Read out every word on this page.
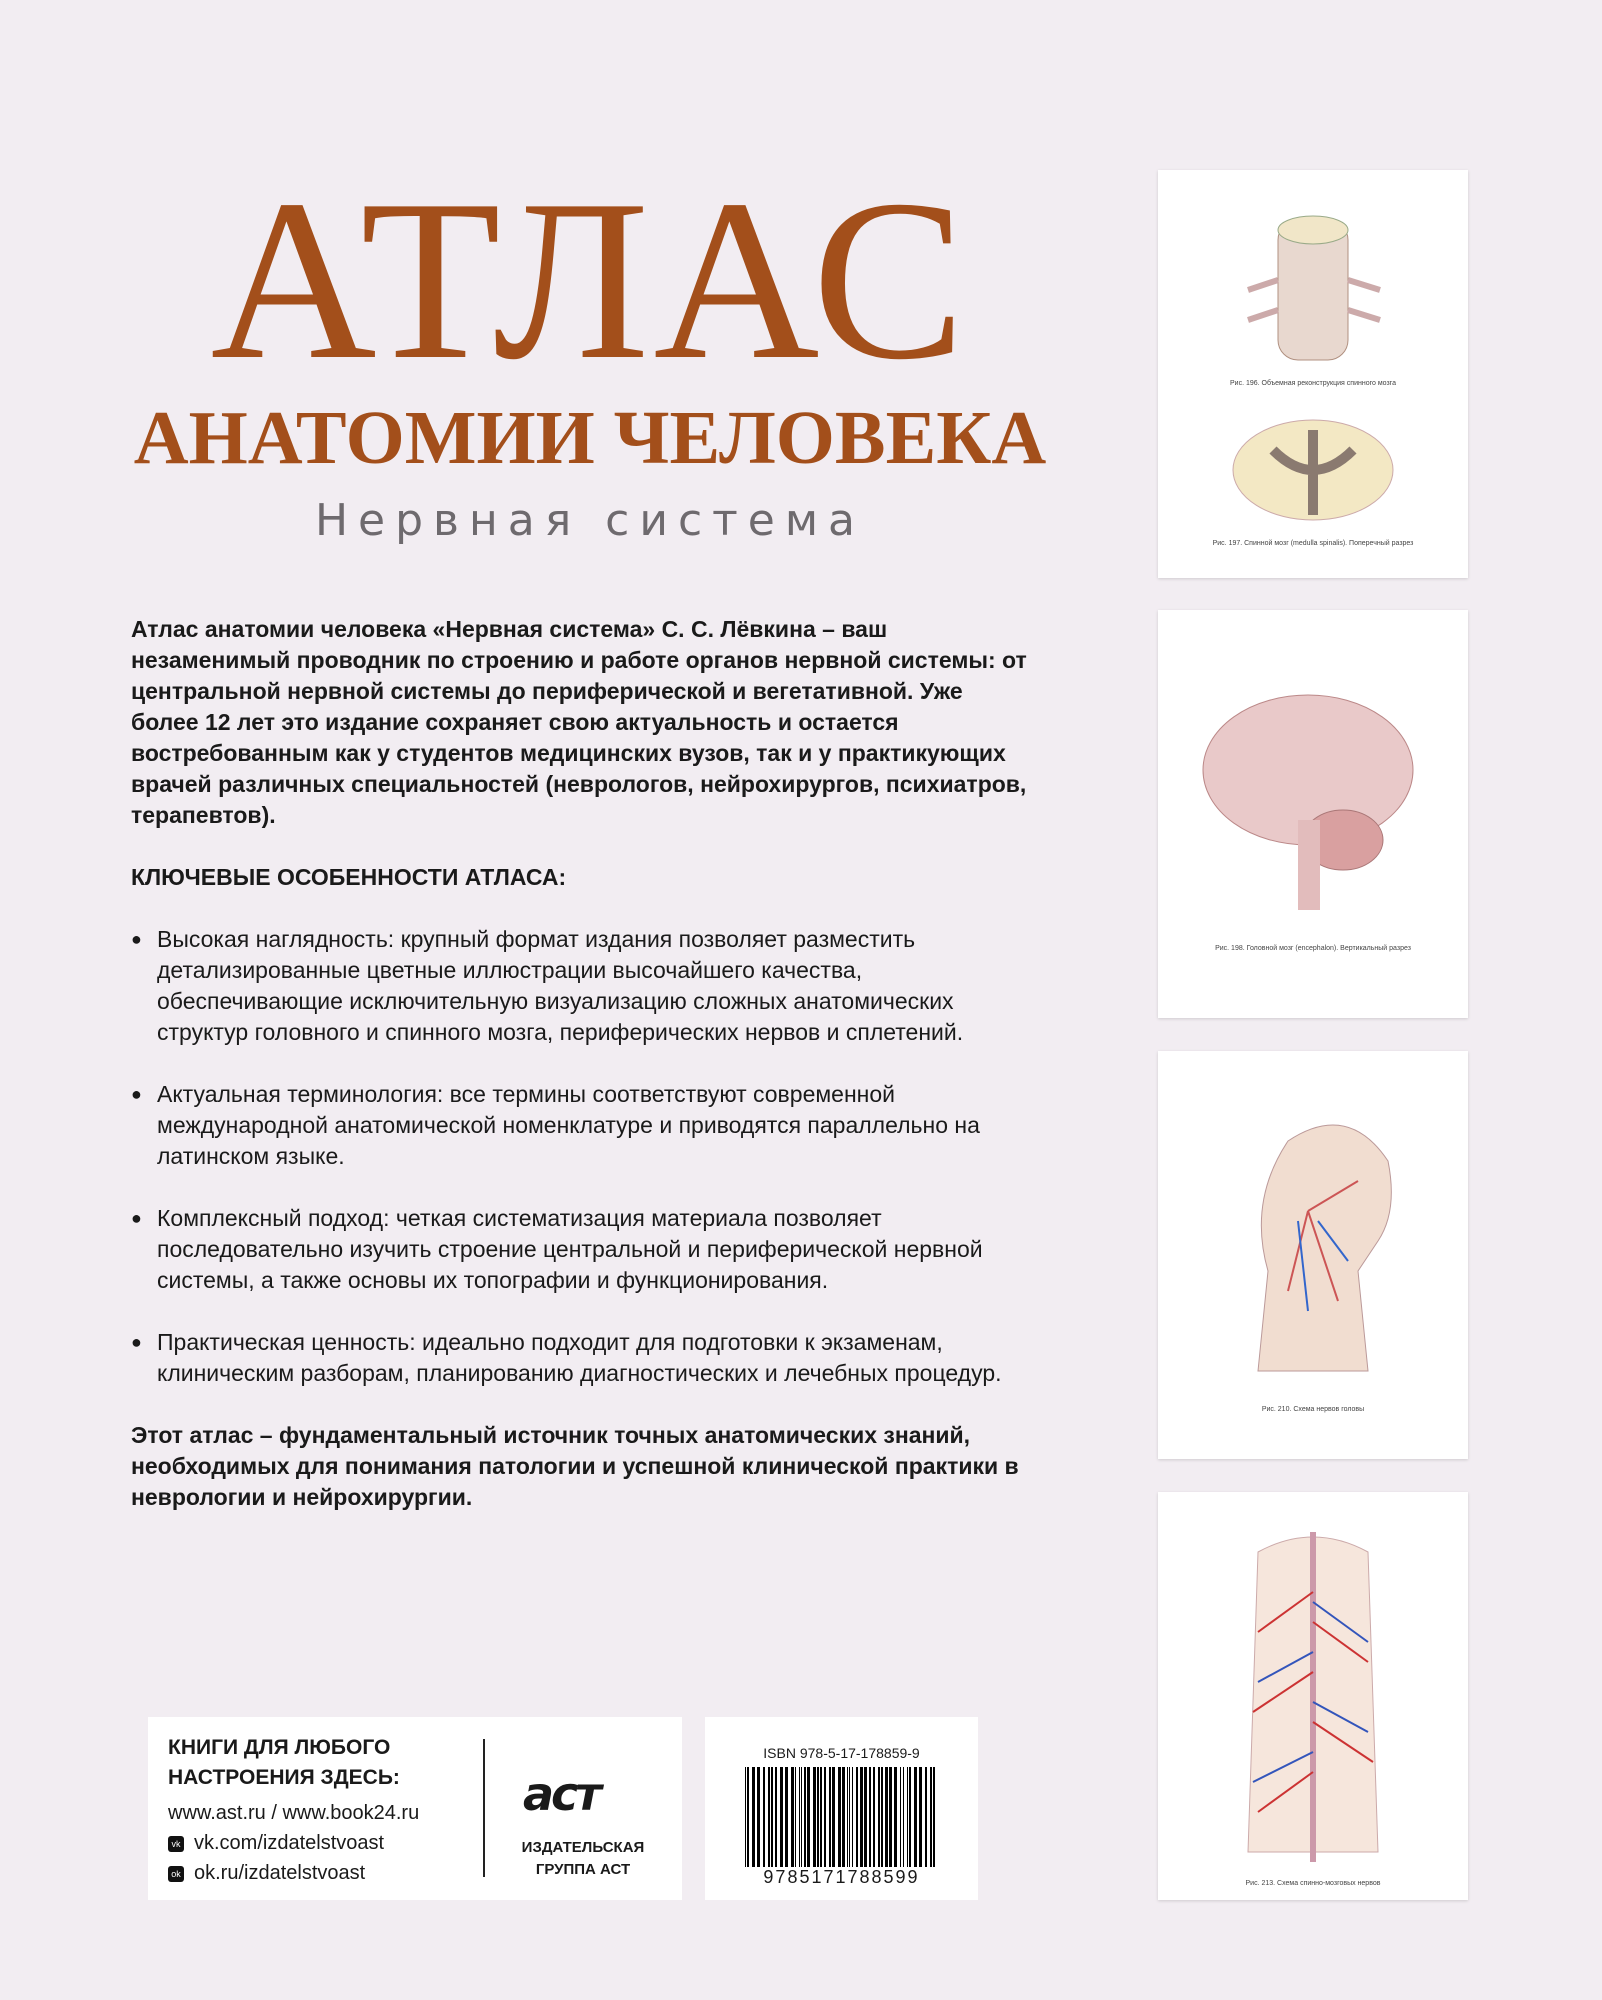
АТЛАС
АНАТОМИИ ЧЕЛОВЕКА
Нервная система

Атлас анатомии человека «Нервная система» С. С. Лёвкина – ваш незаменимый проводник по строению и работе органов нервной системы: от центральной нервной системы до периферической и вегетативной. Уже более 12 лет это издание сохраняет свою актуальность и остается востребованным как у студентов медицинских вузов, так и у практикующих врачей различных специальностей (неврологов, нейрохирургов, психиатров, терапевтов).

КЛЮЧЕВЫЕ ОСОБЕННОСТИ АТЛАСА:

● Высокая наглядность: крупный формат издания позволяет разместить детализированные цветные иллюстрации высочайшего качества, обеспечивающие исключительную визуализацию сложных анатомических структур головного и спинного мозга, периферических нервов и сплетений.

● Актуальная терминология: все термины соответствуют современной международной анатомической номенклатуре и приводятся параллельно на латинском языке.

● Комплексный подход: четкая систематизация материала позволяет последовательно изучить строение центральной и периферической нервной системы, а также основы их топографии и функционирования.

● Практическая ценность: идеально подходит для подготовки к экзаменам, клиническим разборам, планированию диагностических и лечебных процедур.

Этот атлас – фундаментальный источник точных анатомических знаний, необходимых для понимания патологии и успешной клинической практики в неврологии и нейрохирургии.

Рис. 196. Объемная реконструкция спинного мозга
Рис. 197. Спинной мозг (medulla spinalis). Поперечный разрез
Рис. 198. Головной мозг (encephalon). Вертикальный разрез
Рис. 210. Схема нервов головы
Рис. 213. Схема спинно-мозговых нервов
КНИГИ ДЛЯ ЛЮБОГО
НАСТРОЕНИЯ ЗДЕСЬ:
www.ast.ru / www.book24.ru
vk vk.com/izdatelstvoast
ok ok.ru/izdatelstvoast
аст
ИЗДАТЕЛЬСКАЯ
ГРУППА АСТ
ISBN 978-5-17-178859-9
9785171788599
